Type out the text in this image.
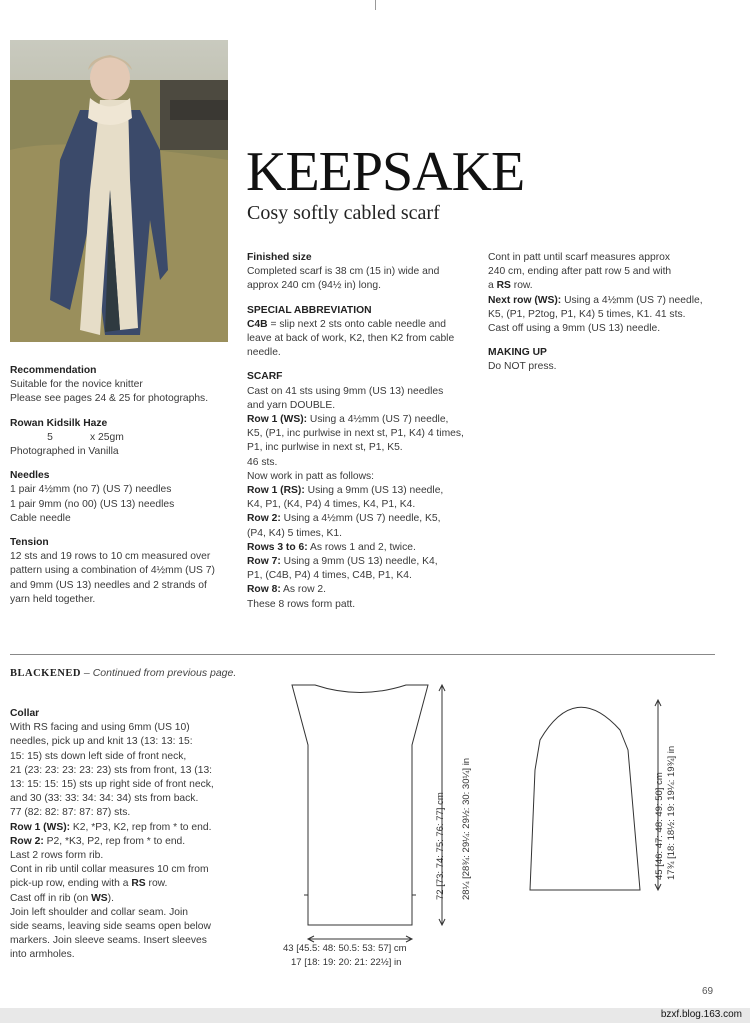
KEEPSAKE
Cosy softly cabled scarf

Recommendation

Suitable for the novice knitter

Please see pages 24 & 25 for photographs.

Rowan Kidsilk Haze

5	x 25gm

Photographed in Vanilla

Needles

1 pair 4½mm (no 7) (US 7) needles

1 pair 9mm (no 00) (US 13) needles

Cable needle

Tension

12 sts and 19 rows to 10 cm measured over

pattern using a combination of 4½mm (US 7)

and 9mm (US 13) needles and 2 strands of

yarn held together.

Finished size

Completed scarf is 38 cm (15 in) wide and

approx 240 cm (94½ in) long.

SPECIAL ABBREVIATION

C4B = slip next 2 sts onto cable needle and

leave at back of work, K2, then K2 from cable

needle.

SCARF

Cast on 41 sts using 9mm (US 13) needles

and yarn DOUBLE.

Row 1 (WS): Using a 4½mm (US 7) needle,

K5, (P1, inc purlwise in next st, P1, K4) 4 times,

P1, inc purlwise in next st, P1, K5.

46 sts.

Now work in patt as follows:

Row 1 (RS): Using a 9mm (US 13) needle,

K4, P1, (K4, P4) 4 times, K4, P1, K4.

Row 2: Using a 4½mm (US 7) needle, K5,

(P4, K4) 5 times, K1.

Rows 3 to 6: As rows 1 and 2, twice.

Row 7: Using a 9mm (US 13) needle, K4,

P1, (C4B, P4) 4 times, C4B, P1, K4.

Row 8: As row 2.

These 8 rows form patt.

Cont in patt until scarf measures approx

240 cm, ending after patt row 5 and with

a RS row.

Next row (WS): Using a 4½mm (US 7) needle,

K5, (P1, P2tog, P1, K4) 5 times, K1. 41 sts.

Cast off using a 9mm (US 13) needle.

MAKING UP

Do NOT press.

BLACKENED – Continued from previous page.

Collar

With RS facing and using 6mm (US 10)

needles, pick up and knit 13 (13: 13: 15:

15: 15) sts down left side of front neck,

21 (23: 23: 23: 23: 23) sts from front, 13 (13:

13: 15: 15: 15) sts up right side of front neck,

and 30 (33: 33: 34: 34: 34) sts from back.

77 (82: 82: 87: 87: 87) sts.

Row 1 (WS): K2, *P3, K2, rep from * to end.

Row 2: P2, *K3, P2, rep from * to end.

Last 2 rows form rib.

Cont in rib until collar measures 10 cm from

pick-up row, ending with a RS row.

Cast off in rib (on WS).

Join left shoulder and collar seam. Join

side seams, leaving side seams open below

markers. Join sleeve seams. Insert sleeves

into armholes.

72 [73: 74: 75: 76: 77] cm 28¼ [28¾: 29¼: 29½: 30: 30¼] in
43 [45.5: 48: 50.5: 53: 57] cm
17 [18: 19: 20: 21: 22½] in
45 [46: 47: 48: 49: 50] cm 17¾ [18: 18½: 19: 19¼: 19¾] in
69
bzxf.blog.163.com
